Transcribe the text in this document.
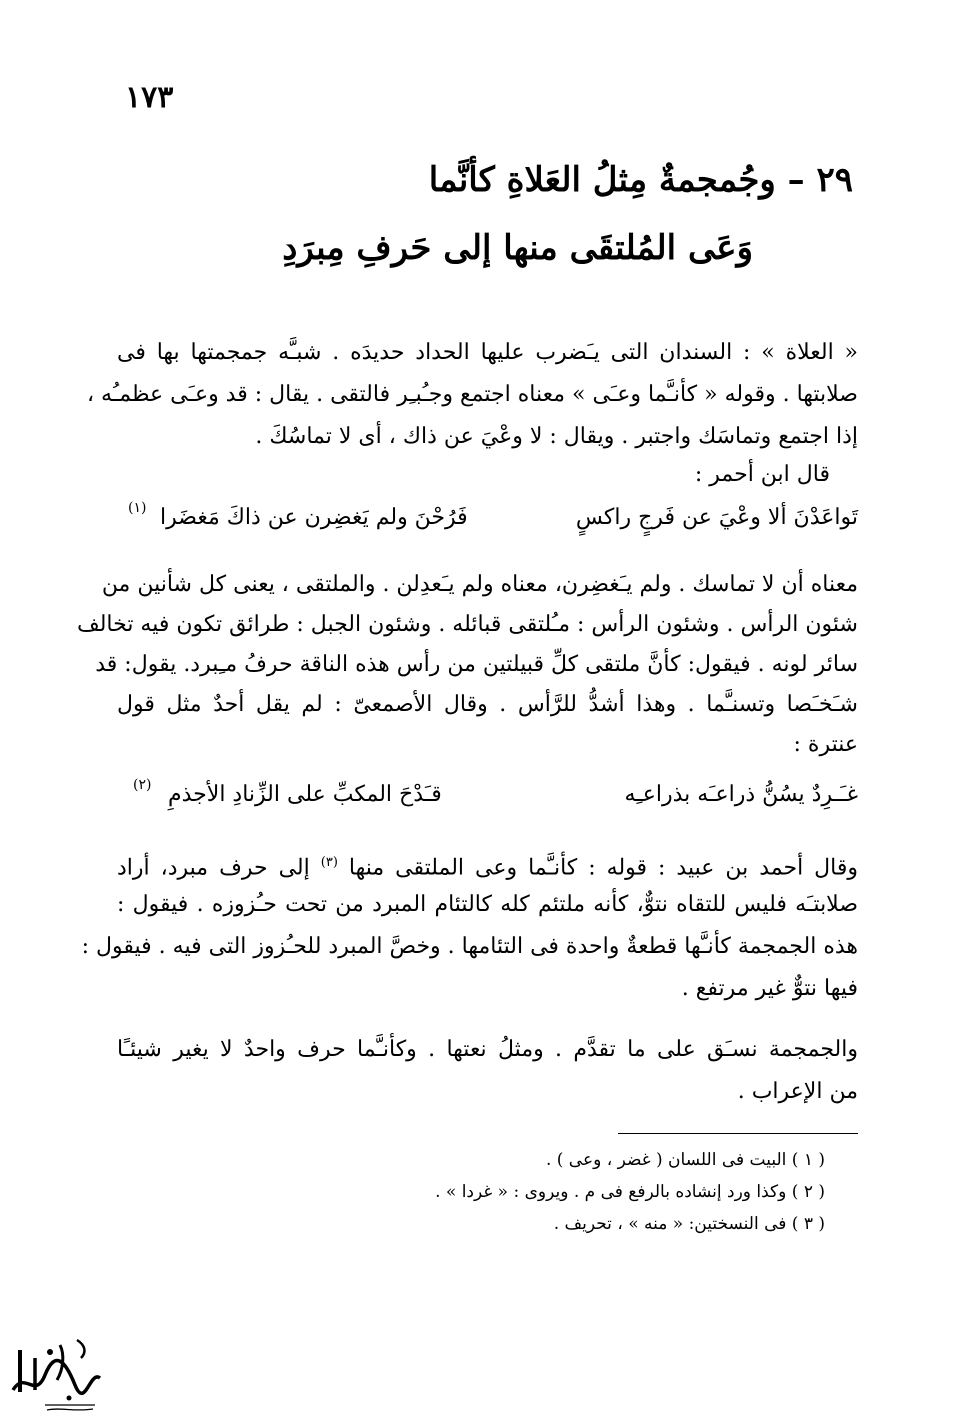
١٧٣
٢٩ – وجُمجمةٌ مِثلُ العَلاةِ كأنَّما
وَعَى المُلتقَى منها إلى حَرفِ مِبرَدِ
« العلاة » : السندان التى يـَضرب عليها الحداد حديدَه . شبـَّه جمجمتها بها فى
صلابتها . وقوله « كأنـَّما وعـَى » معناه اجتمع وجـُبـِر فالتقى . يقال : قد وعـَى عظمـُه ،
إذا اجتمع وتماسَك واجتبر . ويقال : لا وعْيَ عن ذاك ، أى لا تماسُكَ .
قال ابن أحمر :
تَواعَدْنَ ألا وعْيَ عن فَرجٍ راكسٍ
فَرُحْنَ ولم يَغضِرن عن ذاكَ مَغضَرا
(١)
معناه أن لا تماسك . ولم يـَغضِرن، معناه ولم يـَعدِلن . والملتقى ، يعنى كل شأنين من
شئون الرأس . وشئون الرأس : مـُلتقى قبائله . وشئون الجبل : طرائق تكون فيه تخالف
سائر لونه . فيقول: كأنَّ ملتقى كلِّ قبيلتين من رأس هذه الناقة حرفُ مـِبرد. يقول: قد
شـَخـَصا وتسنـَّما . وهذا أشدُّ للرَّأس . وقال الأصمعىّ : لم يقل أحدٌ مثل قول
عنترة :
غـَـرِدٌ يسُنُّ ذراعـَه بذراعـِه
قـَدْحَ المكبِّ على الزِّنادِ الأجذمِ
(٢)
وقال أحمد بن عبيد : قوله : كأنـَّما وعى الملتقى منها $^{(٣)}$ إلى حرف مبرد، أراد
صلابتـَه فليس للتقاه نتوٌّ، كأنه ملتئم كله كالتئام المبرد من تحت حـُزوزه . فيقول :
هذه الجمجمة كأنـَّها قطعةٌ واحدة فى التئامها . وخصَّ المبرد للحـُزوز التى فيه . فيقول :
فيها نتوٌّ غير مرتفع .
والجمجمة نسـَق على ما تقدَّم . ومثلُ نعتها . وكأنـَّما حرف واحدٌ لا يغير شيئـًا
من الإعراب .
( ١ ) البيت فى اللسان ( غضر ، وعى ) .
( ٢ ) وكذا ورد إنشاده بالرفع فى م . ويروى : « غردا » .
( ٣ ) فى النسختين: « منه » ، تحريف .
